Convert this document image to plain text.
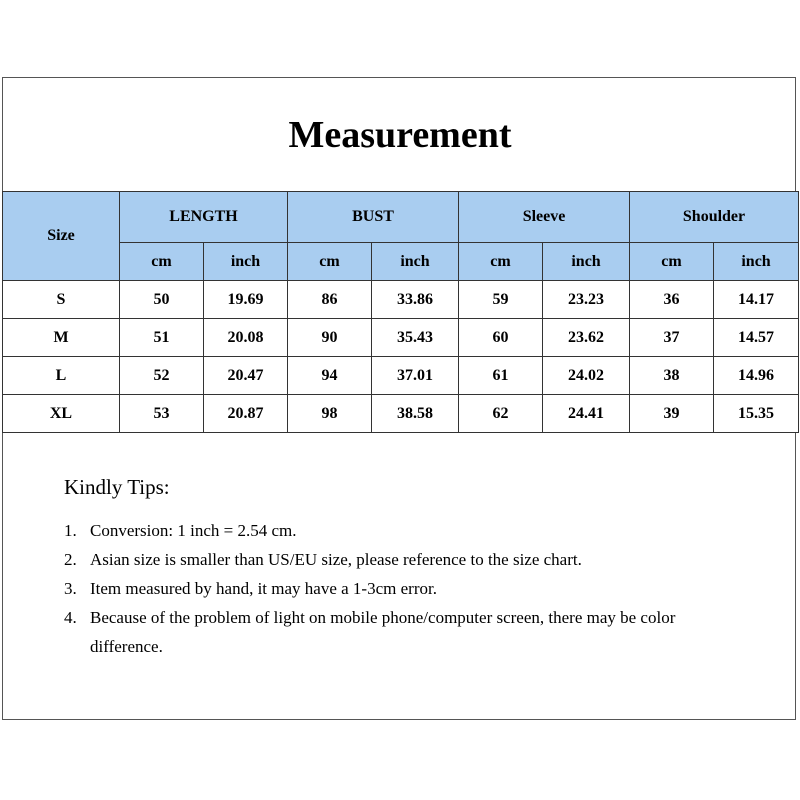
Measurement
Size	LENGTH		BUST		Sleeve		Shoulder	
	cm	inch	cm	inch	cm	inch	cm	inch
S	50	19.69	86	33.86	59	23.23	36	14.17
M	51	20.08	90	35.43	60	23.62	37	14.57
L	52	20.47	94	37.01	61	24.02	38	14.96
XL	53	20.87	98	38.58	62	24.41	39	15.35
Kindly Tips:
1. Conversion: 1 inch = 2.54 cm.
2. Asian size is smaller than US/EU size, please reference to the size chart.
3. Item measured by hand, it may have a 1-3cm error.
4. Because of the problem of light on mobile phone/computer screen, there may be color difference.
